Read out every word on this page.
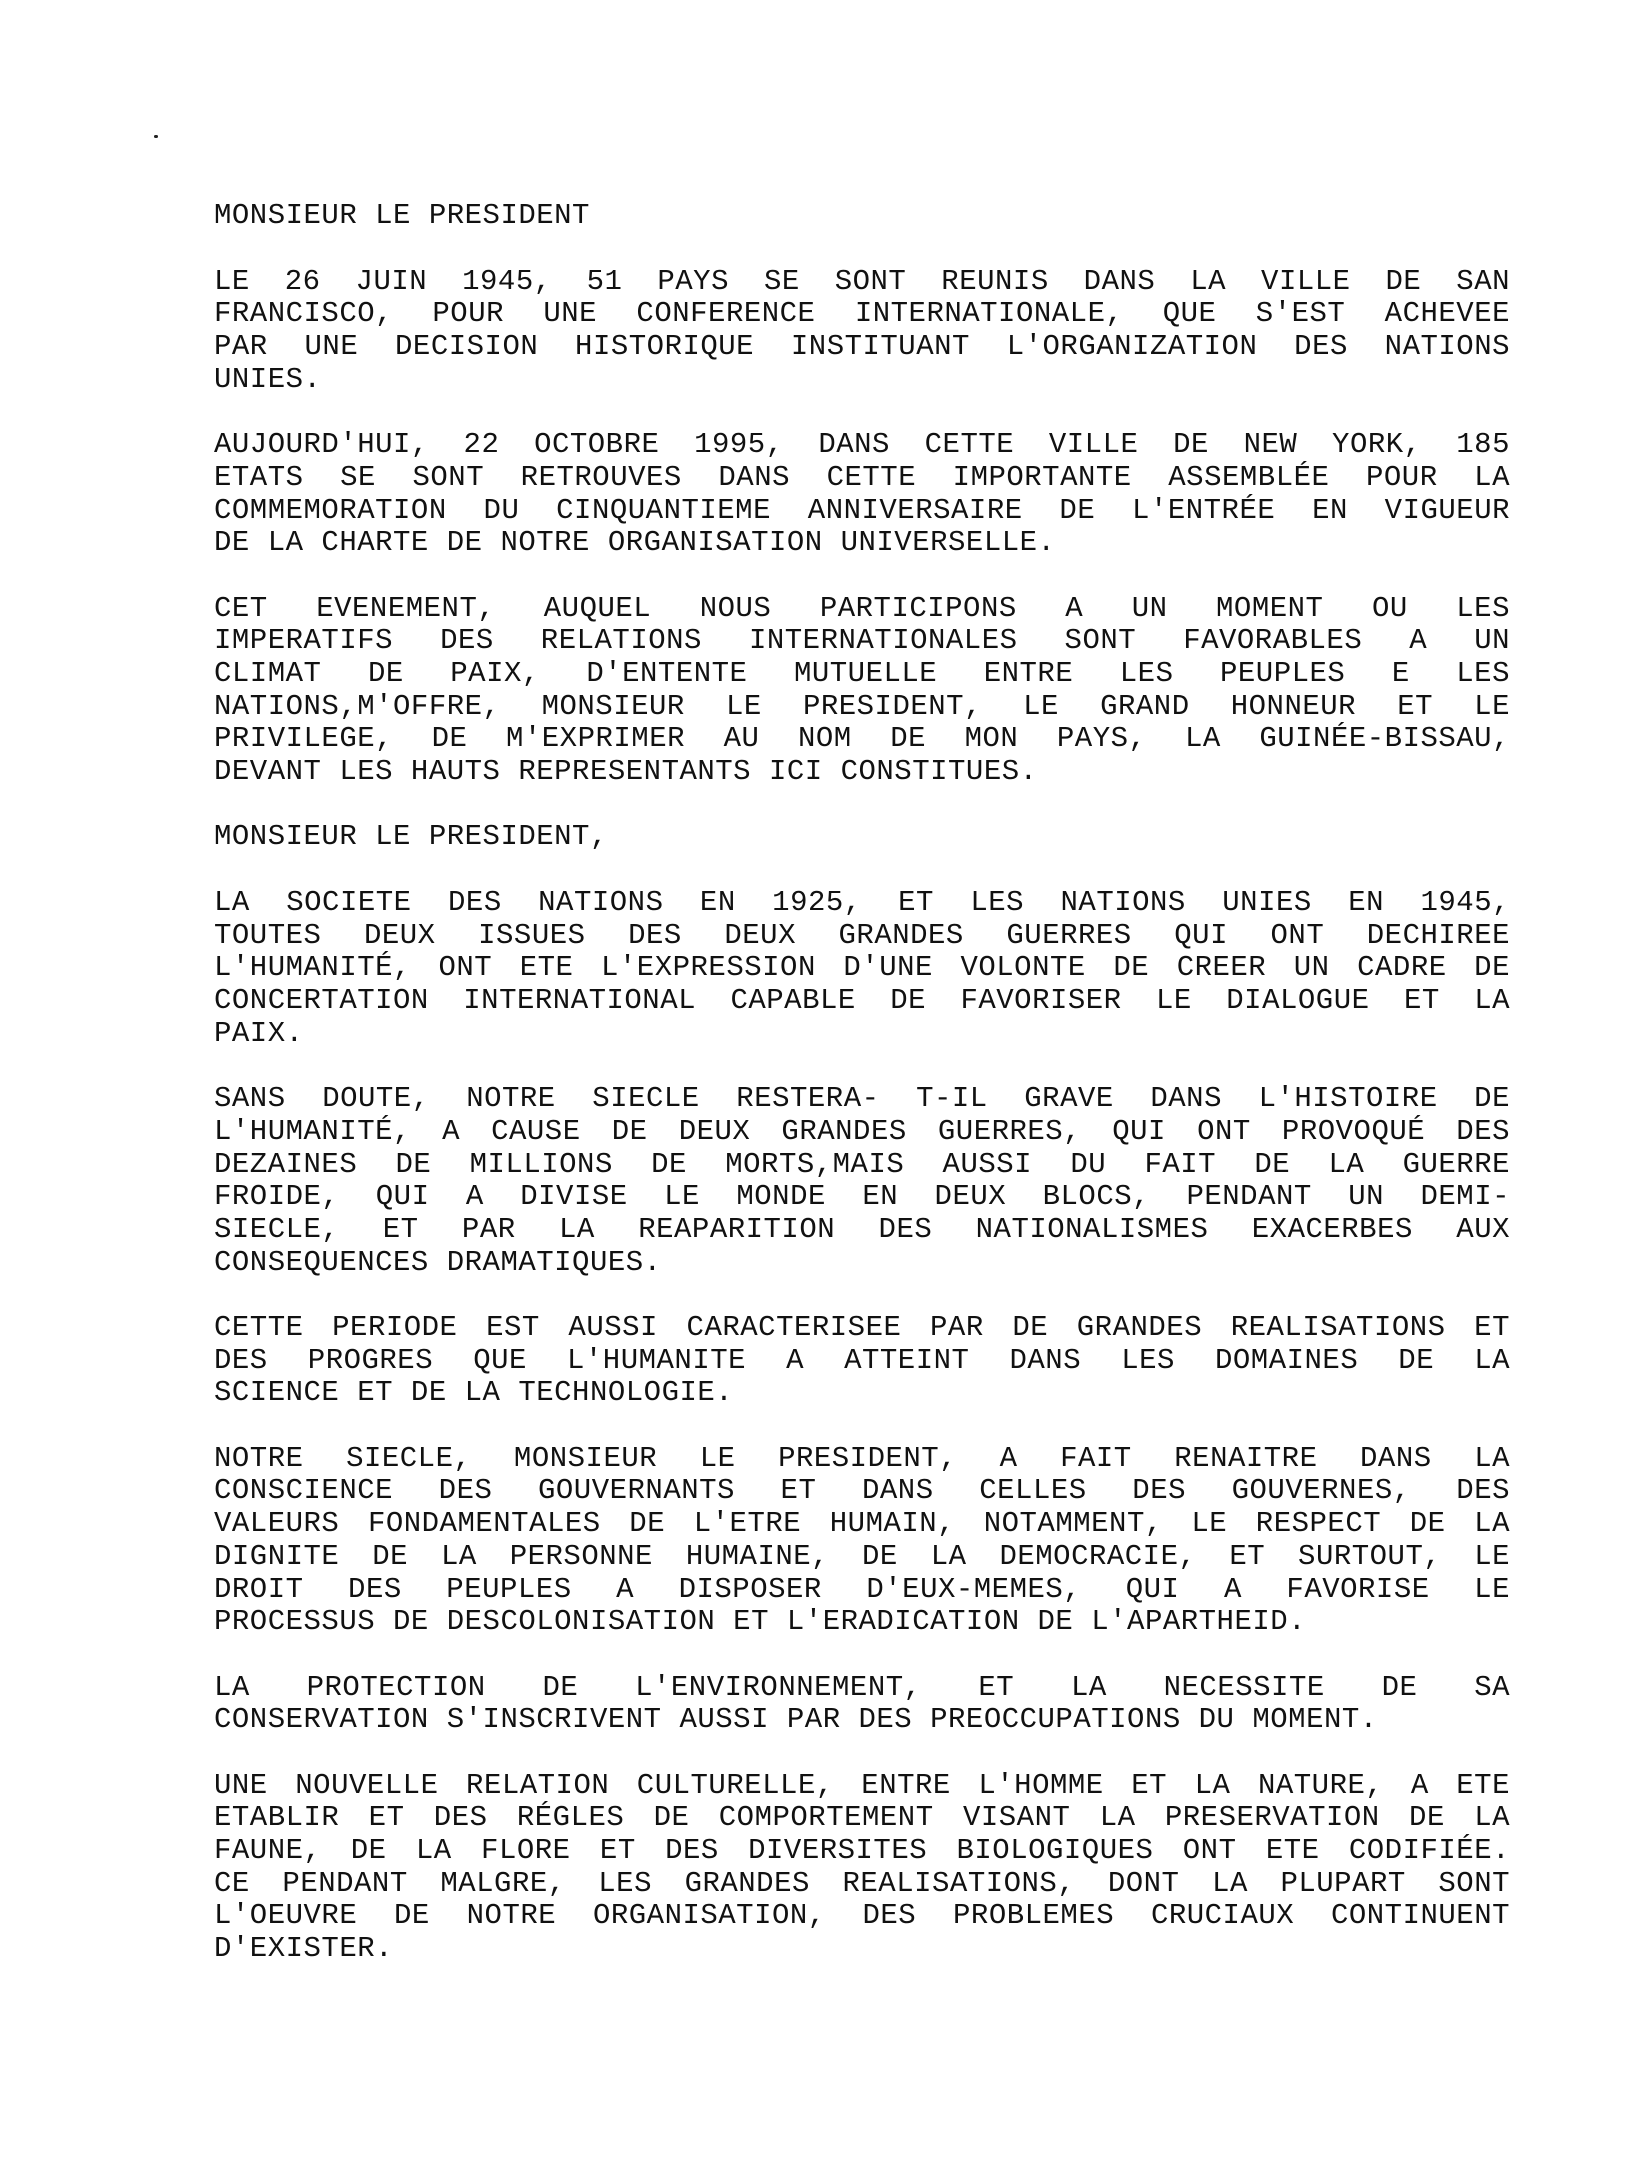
MONSIEUR LE PRESIDENT
LE 26 JUIN 1945, 51 PAYS SE SONT REUNIS DANS LA VILLE DE SAN
FRANCISCO, POUR UNE CONFERENCE INTERNATIONALE, QUE S'EST ACHEVEE
PAR UNE DECISION HISTORIQUE INSTITUANT L'ORGANIZATION DES NATIONS
UNIES.
AUJOURD'HUI, 22 OCTOBRE 1995, DANS CETTE VILLE DE NEW YORK, 185
ETATS SE SONT RETROUVES DANS CETTE IMPORTANTE ASSEMBLÉE POUR LA
COMMEMORATION DU CINQUANTIEME ANNIVERSAIRE DE L'ENTRÉE EN VIGUEUR
DE LA CHARTE DE NOTRE ORGANISATION UNIVERSELLE.
CET EVENEMENT, AUQUEL NOUS PARTICIPONS A UN MOMENT OU LES
IMPERATIFS DES RELATIONS INTERNATIONALES SONT FAVORABLES A UN
CLIMAT DE PAIX, D'ENTENTE MUTUELLE ENTRE LES PEUPLES E LES
NATIONS,M'OFFRE, MONSIEUR LE PRESIDENT, LE GRAND HONNEUR ET LE
PRIVILEGE, DE M'EXPRIMER AU NOM DE MON PAYS, LA GUINÉE-BISSAU,
DEVANT LES HAUTS REPRESENTANTS ICI CONSTITUES.
MONSIEUR LE PRESIDENT,
LA SOCIETE DES NATIONS EN 1925, ET LES NATIONS UNIES EN 1945,
TOUTES DEUX ISSUES DES DEUX GRANDES GUERRES QUI ONT DECHIREE
L'HUMANITÉ, ONT ETE L'EXPRESSION D'UNE VOLONTE DE CREER UN CADRE DE
CONCERTATION INTERNATIONAL CAPABLE DE FAVORISER LE DIALOGUE ET LA
PAIX.
SANS DOUTE, NOTRE SIECLE RESTERA- T-IL GRAVE DANS L'HISTOIRE DE
L'HUMANITÉ, A CAUSE DE DEUX GRANDES GUERRES, QUI ONT PROVOQUÉ DES
DEZAINES DE MILLIONS DE MORTS,MAIS AUSSI DU FAIT DE LA GUERRE
FROIDE, QUI A DIVISE LE MONDE EN DEUX BLOCS, PENDANT UN DEMI-
SIECLE, ET PAR LA REAPARITION DES NATIONALISMES EXACERBES AUX
CONSEQUENCES DRAMATIQUES.
CETTE PERIODE EST AUSSI CARACTERISEE PAR DE GRANDES REALISATIONS ET
DES PROGRES QUE L'HUMANITE A ATTEINT DANS LES DOMAINES DE LA
SCIENCE ET DE LA TECHNOLOGIE.
NOTRE SIECLE, MONSIEUR LE PRESIDENT, A FAIT RENAITRE DANS LA
CONSCIENCE DES GOUVERNANTS ET DANS CELLES DES GOUVERNES, DES
VALEURS FONDAMENTALES DE L'ETRE HUMAIN, NOTAMMENT, LE RESPECT DE LA
DIGNITE DE LA PERSONNE HUMAINE, DE LA DEMOCRACIE, ET SURTOUT, LE
DROIT DES PEUPLES A DISPOSER D'EUX-MEMES, QUI A FAVORISE LE
PROCESSUS DE DESCOLONISATION ET L'ERADICATION DE L'APARTHEID.
LA PROTECTION DE L'ENVIRONNEMENT, ET LA NECESSITE DE SA
CONSERVATION S'INSCRIVENT AUSSI PAR DES PREOCCUPATIONS DU MOMENT.
UNE NOUVELLE RELATION CULTURELLE, ENTRE L'HOMME ET LA NATURE, A ETE
ETABLIR ET DES RÉGLES DE COMPORTEMENT VISANT LA PRESERVATION DE LA
FAUNE, DE LA FLORE ET DES DIVERSITES BIOLOGIQUES ONT ETE CODIFIÉE.
CE PENDANT MALGRE, LES GRANDES REALISATIONS, DONT LA PLUPART SONT
L'OEUVRE DE NOTRE ORGANISATION, DES PROBLEMES CRUCIAUX CONTINUENT
D'EXISTER.
